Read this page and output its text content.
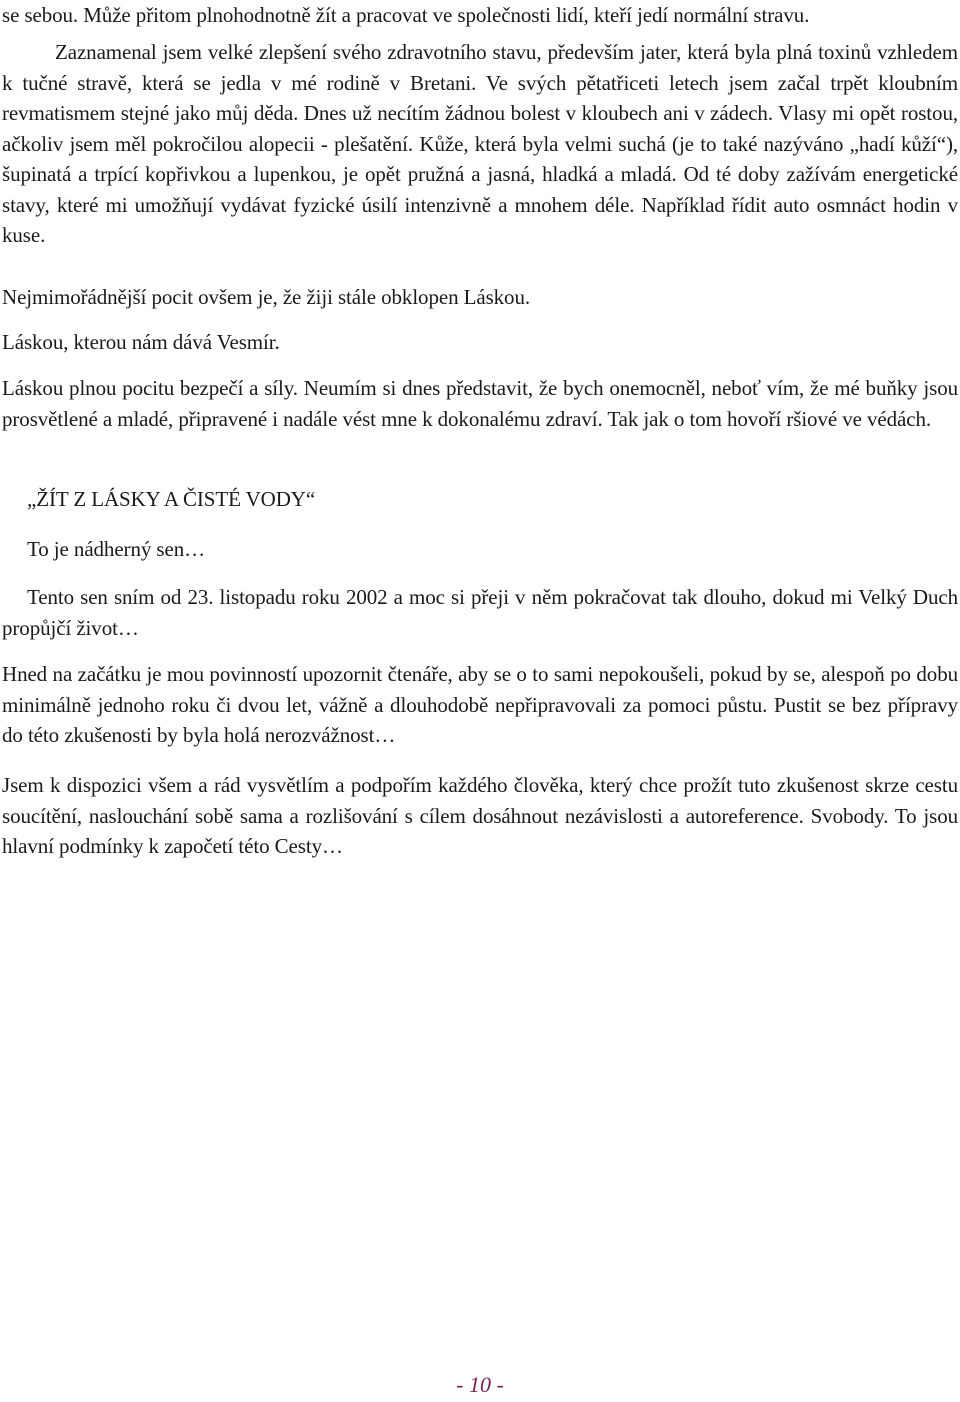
se sebou. Může přitom plnohodnotně žít a pracovat ve společnosti lidí, kteří jedí normální stravu.

Zaznamenal jsem velké zlepšení svého zdravotního stavu, především jater, která byla plná toxinů vzhledem k tučné stravě, která se jedla v mé rodině v Bretani. Ve svých pětatřiceti letech jsem začal trpět kloubním revmatismem stejné jako můj děda. Dnes už necítím žádnou bolest v kloubech ani v zádech. Vlasy mi opět rostou, ačkoliv jsem měl pokročilou alopecii - plešatění. Kůže, která byla velmi suchá (je to také nazýváno „hadí kůží“), šupinatá a trpící kopřivkou a lupenkou, je opět pružná a jasná, hladká a mladá. Od té doby zažívám energetické stavy, které mi umožňují vydávat fyzické úsilí intenzivně a mnohem déle. Například řídit auto osmnáct hodin v kuse.

Nejmimořádnější pocit ovšem je, že žiji stále obklopen Láskou.

Láskou, kterou nám dává Vesmír.

Láskou plnou pocitu bezpečí a síly. Neumím si dnes představit, že bych onemocněl, neboť vím, že mé buňky jsou prosvětlené a mladé, připravené i nadále vést mne k dokonalému zdraví. Tak jak o tom hovoří ršiové ve védách.

„ŽÍT Z LÁSKY A ČISTÉ VODY“

To je nádherný sen…

Tento sen sním od 23. listopadu roku 2002 a moc si přeji v něm pokračovat tak dlouho, dokud mi Velký Duch propůjčí život…

Hned na začátku je mou povinností upozornit čtenáře, aby se o to sami nepokoušeli, pokud by se, alespoň po dobu minimálně jednoho roku či dvou let, vážně a dlouhodobě nepřipravovali za pomoci půstu. Pustit se bez přípravy do této zkušenosti by byla holá nerozvážnost…

Jsem k dispozici všem a rád vysvětlím a podpořím každého člověka, který chce prožít tuto zkušenost skrze cestu soucítění, naslouchání sobě sama a rozlišování s cílem dosáhnout nezávislosti a autoreference. Svobody. To jsou hlavní podmínky k započetí této Cesty…

- 10 -
